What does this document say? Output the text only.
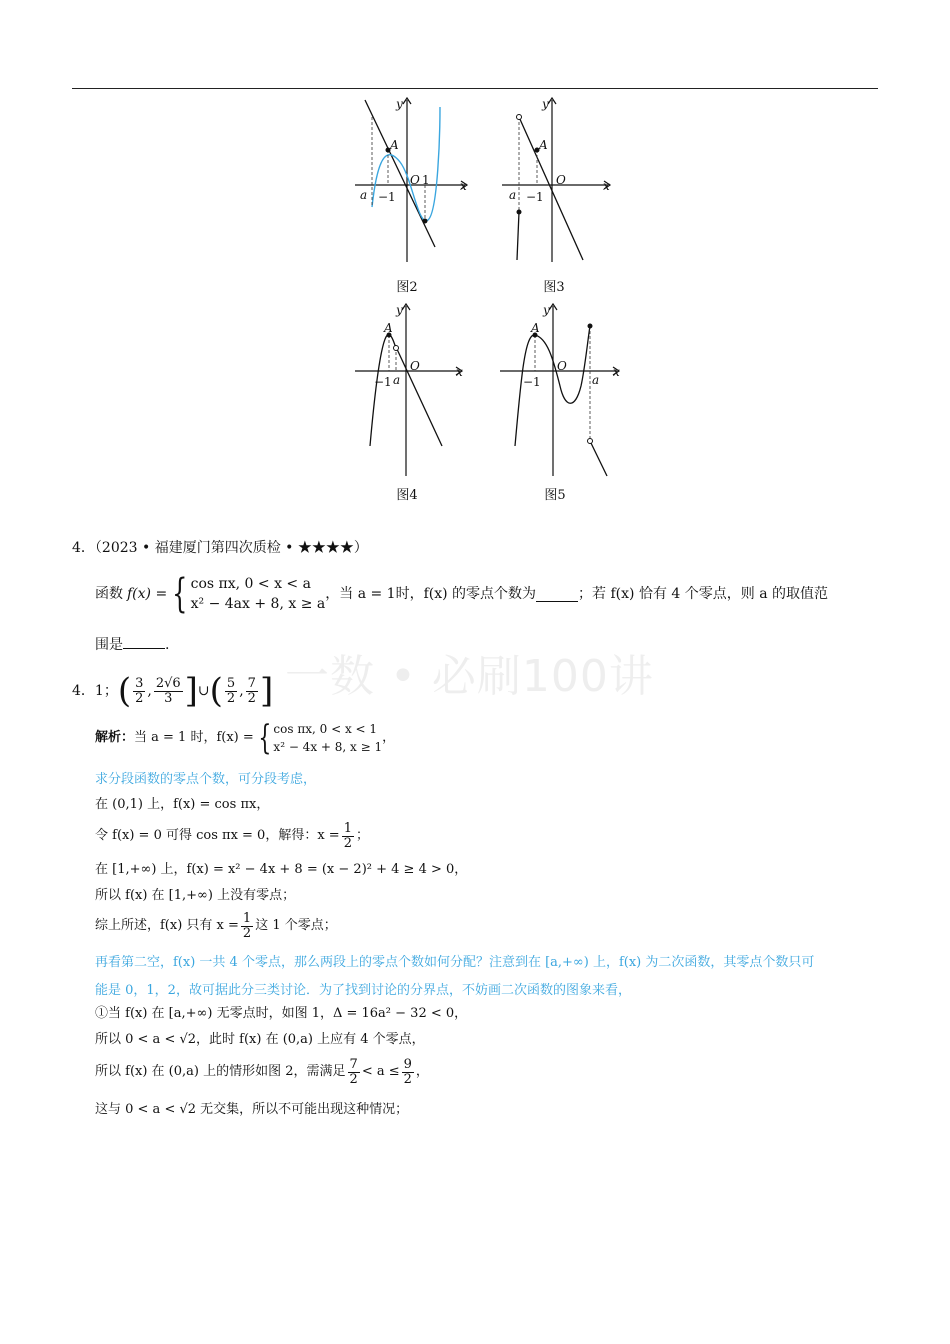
一数 • 必刷100讲
y
x
O 1
a −1
A
图2
y
x
O
a −1
A
图3
y
x
O
a
−1
A
图4
y
x
O
a
−1
A
图5
4．（2023 • 福建厦门第四次质检 • ★★★★）
函数 f(x) = { cos πx, 0 < x < a
x² − 4ax + 8, x ≥ a
，当 a = 1时，f(x) 的零点个数为	；若 f(x) 恰有 4 个零点，则 a 的取值范
围是	.
4．1； ( $\frac{3}{2}$ , $\frac{2√6}{3}$ ] ∪ ( $\frac{5}{2}$ , $\frac{7}{2}$ ]
解析： 当 a = 1 时，f(x) = { cos πx, 0 < x < 1
x² − 4x + 8, x ≥ 1
，
求分段函数的零点个数，可分段考虑，
在 (0,1) 上，f(x) = cos πx，
令 f(x) = 0 可得 cos πx = 0，解得：$x = \frac{1}{2}$ ；
在 [1,+∞) 上，f(x) = x² − 4x + 8 = (x − 2)² + 4 ≥ 4 > 0，
所以 f(x) 在 [1,+∞) 上没有零点；
综上所述，f(x) 只有 $x = \frac{1}{2}$ 这 1 个零点；
再看第二空，f(x) 一共 4 个零点，那么两段上的零点个数如何分配？注意到在 [a,+∞) 上，f(x) 为二次函数，其零点个数只可
能是 0，1，2，故可据此分三类讨论．为了找到讨论的分界点，不妨画二次函数的图象来看，
①当 f(x) 在 [a,+∞) 无零点时，如图 1，Δ = 16a² − 32 < 0，
所以 0 < a < √2，此时 f(x) 在 (0,a) 上应有 4 个零点，
所以 f(x) 在 (0,a) 上的情形如图 2，需满足 $\frac{7}{2} < a \le \frac{9}{2}$ ，
这与 0 < a < √2 无交集，所以不可能出现这种情况；
